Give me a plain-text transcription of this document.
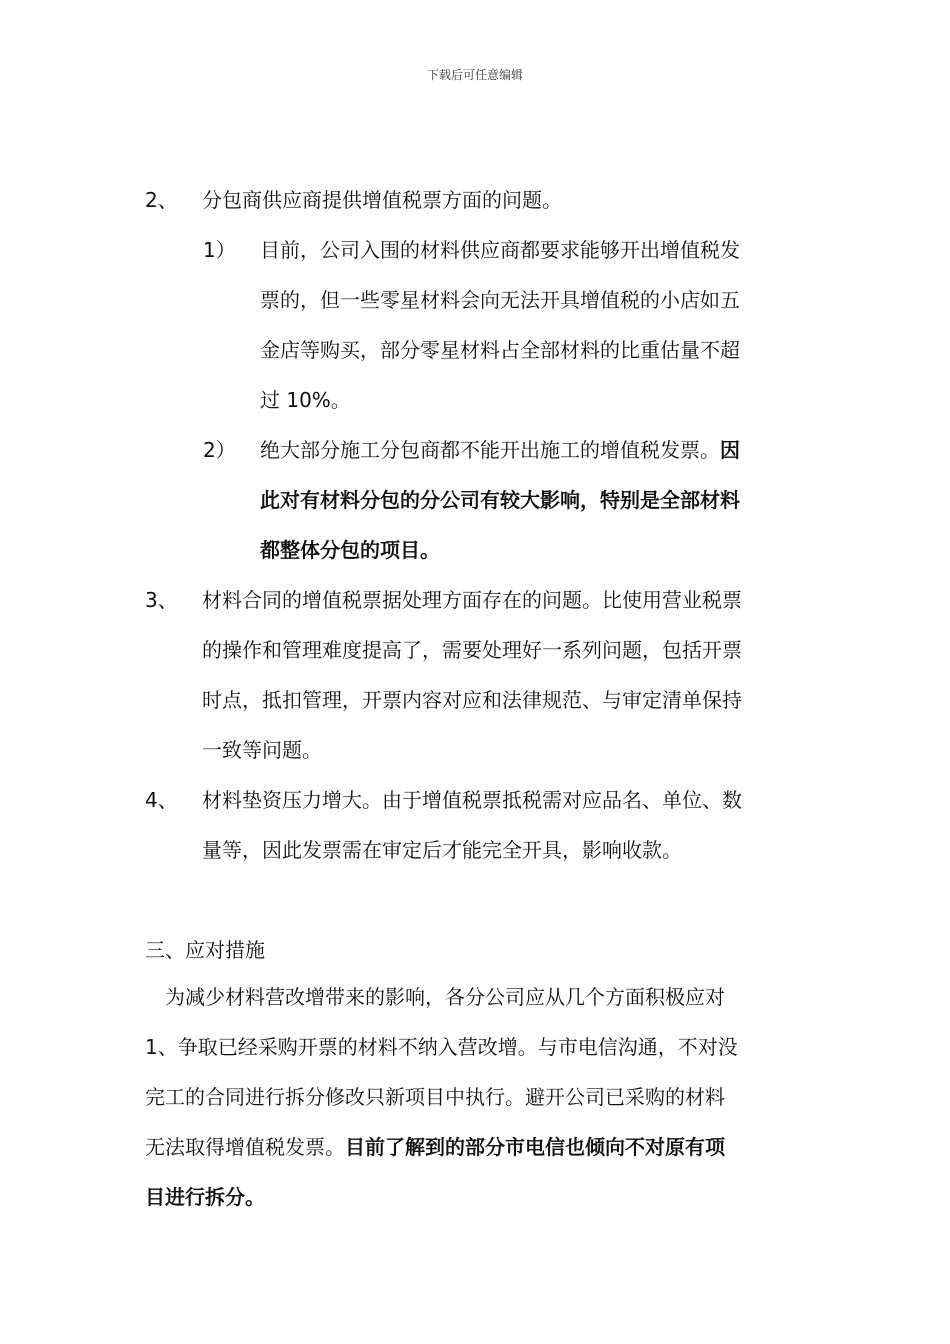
下载后可任意编辑
2、 分包商供应商提供增值税票方面的问题。
1） 目前，公司入围的材料供应商都要求能够开出增值税发
票的，但一些零星材料会向无法开具增值税的小店如五
金店等购买，部分零星材料占全部材料的比重估量不超
过 10%。
2） 绝大部分施工分包商都不能开出施工的增值税发票。因
此对有材料分包的分公司有较大影响，特别是全部材料
都整体分包的项目。
3、 材料合同的增值税票据处理方面存在的问题。比使用营业税票
的操作和管理难度提高了，需要处理好一系列问题，包括开票
时点，抵扣管理，开票内容对应和法律规范、与审定清单保持
一致等问题。
4、 材料垫资压力增大。由于增值税票抵税需对应品名、单位、数
量等，因此发票需在审定后才能完全开具，影响收款。
三、应对措施
为减少材料营改增带来的影响，各分公司应从几个方面积极应对
1、争取已经采购开票的材料不纳入营改增。与市电信沟通，不对没
完工的合同进行拆分修改只新项目中执行。避开公司已采购的材料
无法取得增值税发票。目前了解到的部分市电信也倾向不对原有项
目进行拆分。
